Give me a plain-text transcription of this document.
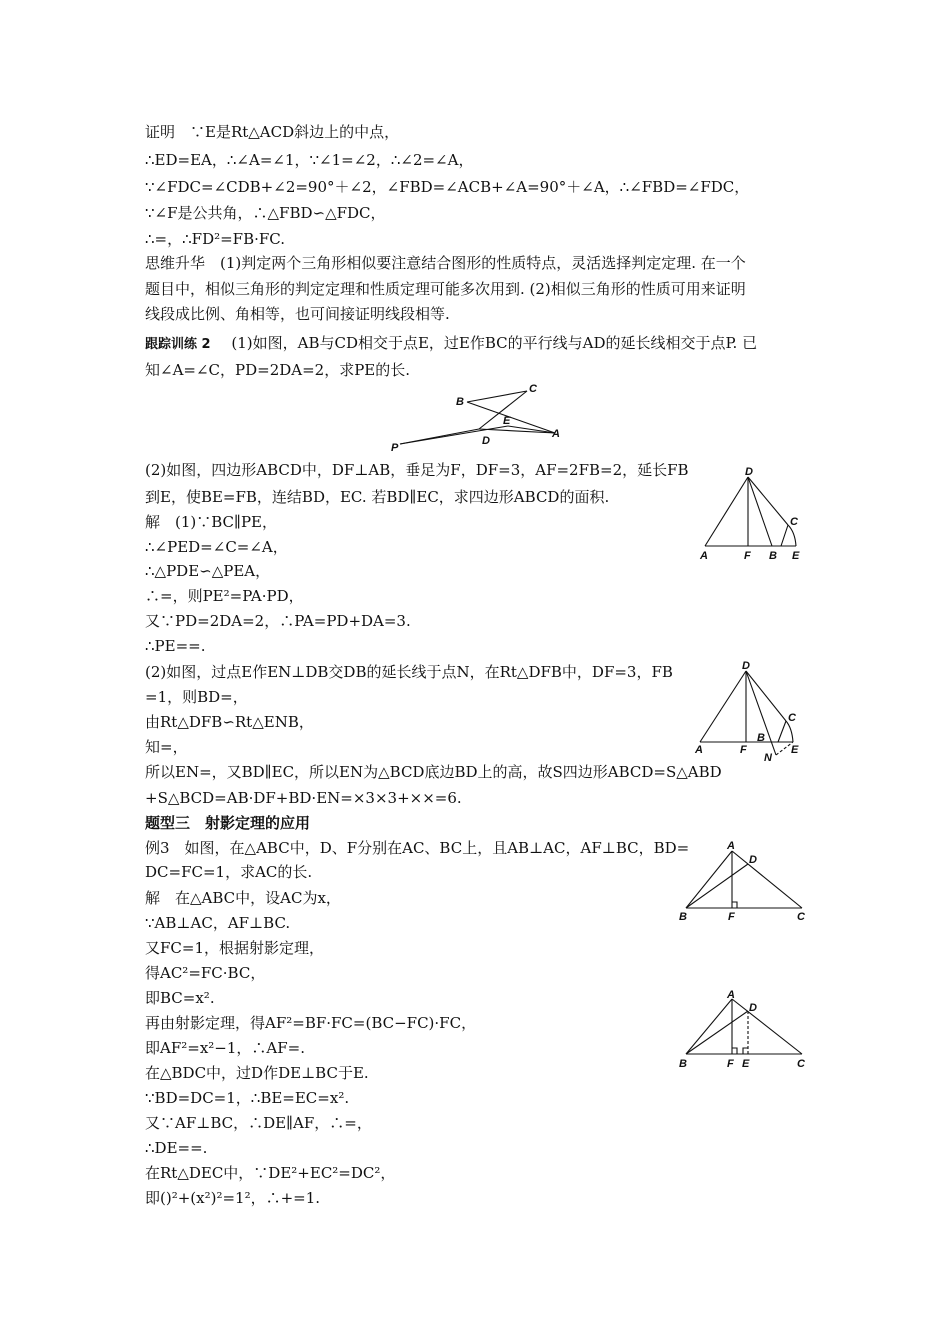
证明　∵E是Rt△ACD斜边上的中点，
∴ED=EA，∴∠A=∠1，∵∠1=∠2，∴∠2=∠A，
∵∠FDC=∠CDB+∠2=90°＋∠2，∠FBD=∠ACB+∠A=90°＋∠A，∴∠FBD=∠FDC，
∵∠F是公共角，∴△FBD∽△FDC，
∴=，∴FD²=FB·FC.
思维升华　(1)判定两个三角形相似要注意结合图形的性质特点，灵活选择判定定理. 在一个
题目中，相似三角形的判定定理和性质定理可能多次用到. (2)相似三角形的性质可用来证明
线段成比例、角相等，也可间接证明线段相等.
跟踪训练 2 (1)如图，AB与CD相交于点E，过E作BC的平行线与AD的延长线相交于点P. 已
知∠A=∠C，PD=2DA=2，求PE的长.
B
C
E
D
A
P
(2)如图，四边形ABCD中，DF⊥AB，垂足为F，DF=3，AF=2FB=2，延长FB
到E，使BE=FB，连结BD，EC. 若BD∥EC，求四边形ABCD的面积.
D
C
A	F B E
解　(1)∵BC∥PE，
∴∠PED=∠C=∠A，
∴△PDE∽△PEA，
∴=，则PE²=PA·PD，
又∵PD=2DA=2，∴PA=PD+DA=3.
∴PE==.
(2)如图，过点E作EN⊥DB交DB的延长线于点N，在Rt△DFB中，DF=3，FB
=1，则BD=，
由Rt△DFB∽Rt△ENB，
知=，
所以EN=，又BD∥EC，所以EN为△BCD底边BD上的高，故S四边形ABCD=S△ABD
+S△BCD=AB·DF+BD·EN=×3×3+××=6.
D
C
A	F
B
N
E
题型三　射影定理的应用
例3　如图，在△ABC中，D、F分别在AC、BC上，且AB⊥AC，AF⊥BC，BD=
DC=FC=1，求AC的长.
解　在△ABC中，设AC为x，
∵AB⊥AC，AF⊥BC.
又FC=1，根据射影定理，
得AC²=FC·BC，
即BC=x².
再由射影定理，得AF²=BF·FC=(BC−FC)·FC，
即AF²=x²−1，∴AF=.
在△BDC中，过D作DE⊥BC于E.
∵BD=DC=1，∴BE=EC=x².
又∵AF⊥BC，∴DE∥AF，∴=，
∴DE==.
在Rt△DEC中，∵DE²+EC²=DC²，
即()²+(x²)²=1²，∴+=1.
A
D
B	F	C
A
D
B	F E	C
